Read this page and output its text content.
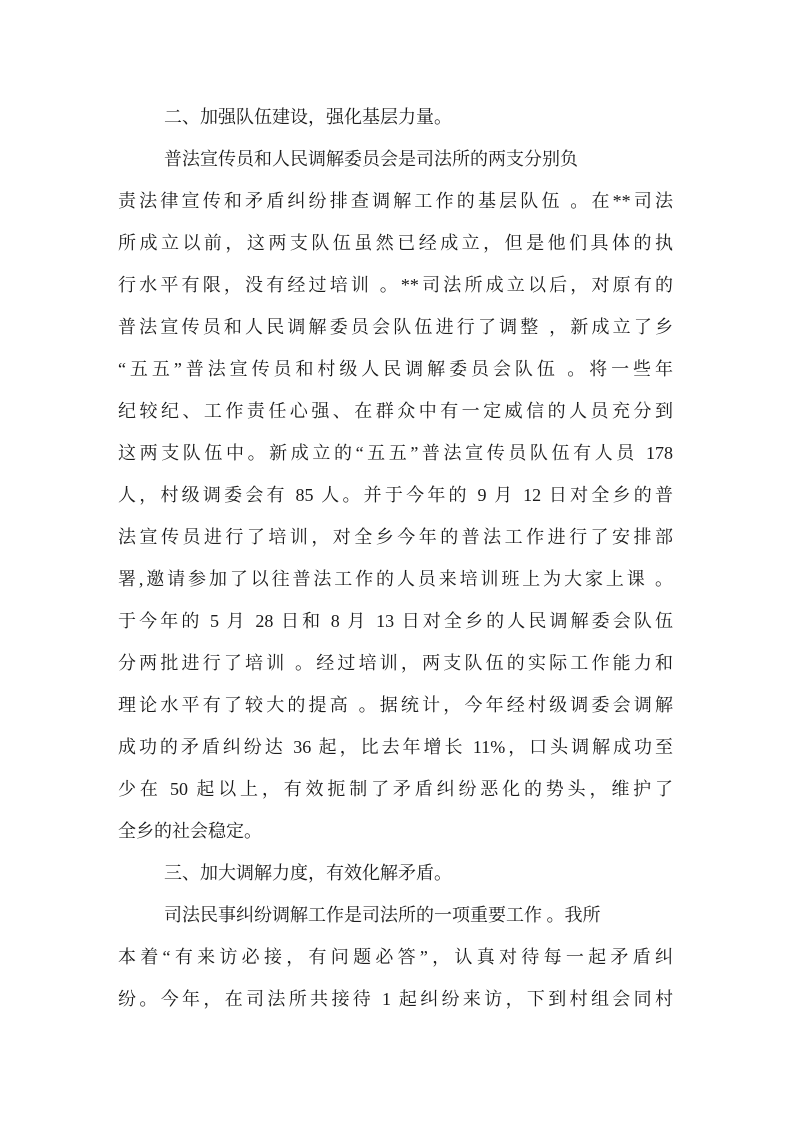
二、加强队伍建设，强化基层力量。

普法宣传员和人民调解委员会是司法所的两支分别负

责法律宣传和矛盾纠纷排查调解工作的基层队伍 。在**司法

所成立以前，这两支队伍虽然已经成立，但是他们具体的执

行水平有限，没有经过培训 。**司法所成立以后，对原有的

普法宣传员和人民调解委员会队伍进行了调整 ，新成立了乡

“五五”普法宣传员和村级人民调解委员会队伍 。将一些年

纪较纪、工作责任心强、在群众中有一定威信的人员充分到

这两支队伍中。新成立的“五五”普法宣传员队伍有人员 178

人，村级调委会有 85 人。并于今年的 9 月 12 日对全乡的普

法宣传员进行了培训，对全乡今年的普法工作进行了安排部

署,邀请参加了以往普法工作的人员来培训班上为大家上课 。

于今年的 5 月 28 日和 8 月 13 日对全乡的人民调解委会队伍

分两批进行了培训 。经过培训，两支队伍的实际工作能力和

理论水平有了较大的提高 。据统计，今年经村级调委会调解

成功的矛盾纠纷达 36 起，比去年增长 11%，口头调解成功至

少在 50 起以上，有效扼制了矛盾纠纷恶化的势头，维护了

全乡的社会稳定。

三、加大调解力度，有效化解矛盾。

司法民事纠纷调解工作是司法所的一项重要工作 。我所

本着“有来访必接，有问题必答”，认真对待每一起矛盾纠

纷。今年，在司法所共接待 1 起纠纷来访，下到村组会同村
